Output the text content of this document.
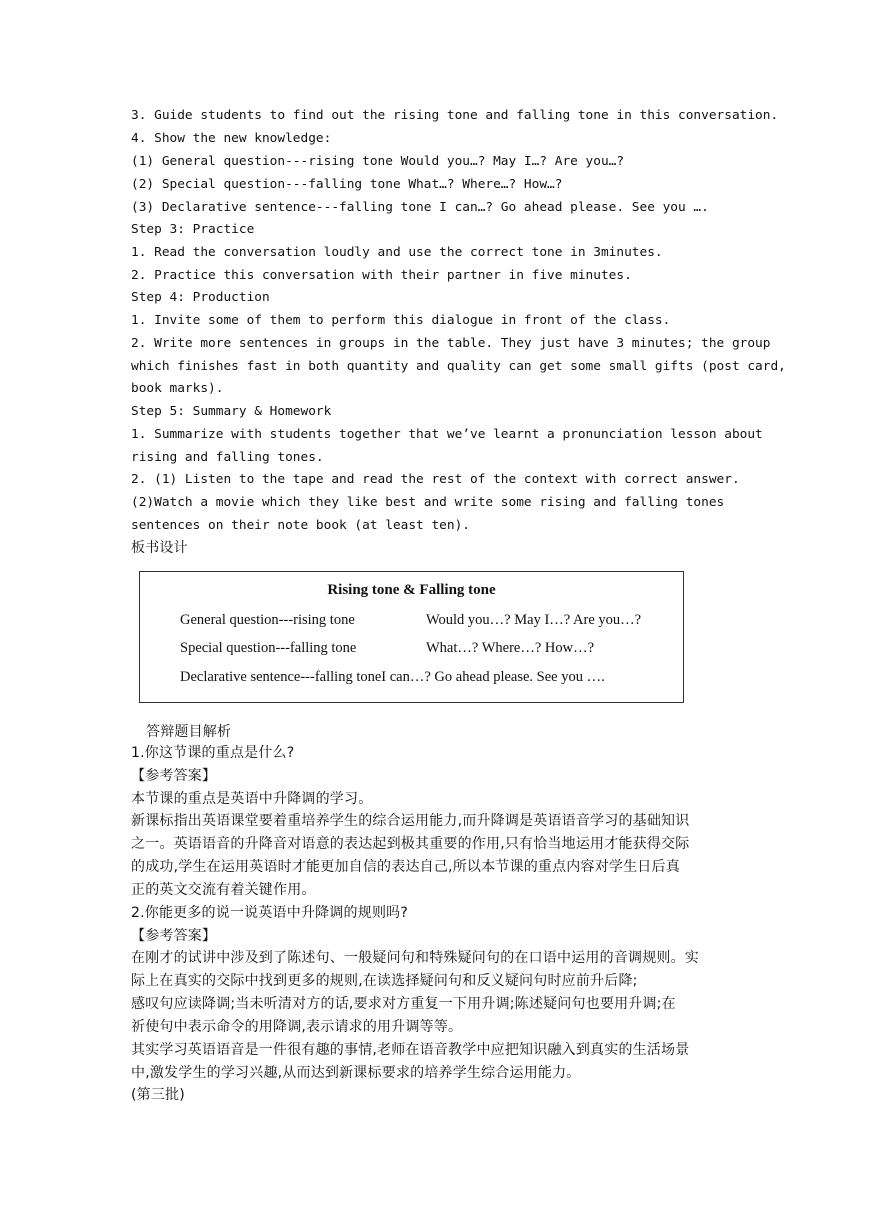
3. Guide students to find out the rising tone and falling tone in this conversation.
4. Show the new knowledge:
(1) General question---rising tone Would you…? May I…? Are you…?
(2) Special question---falling tone What…? Where…? How…?
(3) Declarative sentence---falling tone I can…? Go ahead please. See you ….
Step 3: Practice
1. Read the conversation loudly and use the correct tone in 3minutes.
2. Practice this conversation with their partner in five minutes.
Step 4: Production
1. Invite some of them to perform this dialogue in front of the class.
2. Write more sentences in groups in the table. They just have 3 minutes; the group
which finishes fast in both quantity and quality can get some small gifts (post card,
book marks).
Step 5: Summary & Homework
1. Summarize with students together that we’ve learnt a pronunciation lesson about
rising and falling tones.
2. (1) Listen to the tape and read the rest of the context with correct answer.
(2)Watch a movie which they like best and write some rising and falling tones
sentences on their note book (at least ten).
板书设计
Rising tone & Falling tone
General question---rising tone	Would you…? May I…? Are you…?
Special question---falling tone	What…? Where…? How…?
Declarative sentence---falling toneI can…? Go ahead please. See you ….
答辩题目解析
1.你这节课的重点是什么?
【参考答案】
本节课的重点是英语中升降调的学习。
新课标指出英语课堂要着重培养学生的综合运用能力,而升降调是英语语音学习的基础知识
之一。英语语音的升降音对语意的表达起到极其重要的作用,只有恰当地运用才能获得交际
的成功,学生在运用英语时才能更加自信的表达自己,所以本节课的重点内容对学生日后真
正的英文交流有着关键作用。
2.你能更多的说一说英语中升降调的规则吗?
【参考答案】
在刚才的试讲中涉及到了陈述句、一般疑问句和特殊疑问句的在口语中运用的音调规则。实
际上在真实的交际中找到更多的规则,在读选择疑问句和反义疑问句时应前升后降;
感叹句应读降调;当未听清对方的话,要求对方重复一下用升调;陈述疑问句也要用升调;在
祈使句中表示命令的用降调,表示请求的用升调等等。
其实学习英语语音是一件很有趣的事情,老师在语音教学中应把知识融入到真实的生活场景
中,激发学生的学习兴趣,从而达到新课标要求的培养学生综合运用能力。
(第三批)
